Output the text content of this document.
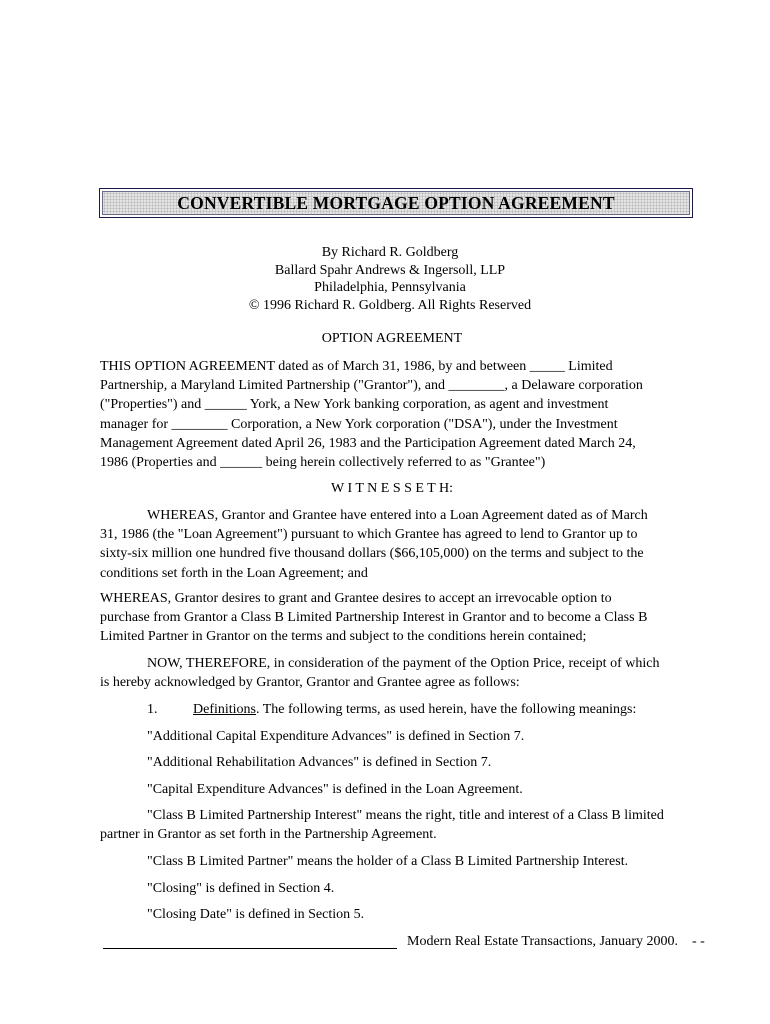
CONVERTIBLE MORTGAGE OPTION AGREEMENT
By Richard R. Goldberg
Ballard Spahr Andrews & Ingersoll, LLP
Philadelphia, Pennsylvania
© 1996 Richard R. Goldberg. All Rights Reserved
OPTION AGREEMENT
THIS OPTION AGREEMENT dated as of March 31, 1986, by and between _____ Limited
Partnership, a Maryland Limited Partnership ("Grantor"), and ________, a Delaware corporation
("Properties") and ______ York, a New York banking corporation, as agent and investment
manager for ________ Corporation, a New York corporation ("DSA"), under the Investment
Management Agreement dated April 26, 1983 and the Participation Agreement dated March 24,
1986 (Properties and ______ being herein collectively referred to as "Grantee")
W I T N E S S E T H:
WHEREAS, Grantor and Grantee have entered into a Loan Agreement dated as of March
31, 1986 (the "Loan Agreement") pursuant to which Grantee has agreed to lend to Grantor up to
sixty-six million one hundred five thousand dollars ($66,105,000) on the terms and subject to the
conditions set forth in the Loan Agreement; and
WHEREAS, Grantor desires to grant and Grantee desires to accept an irrevocable option to
purchase from Grantor a Class B Limited Partnership Interest in Grantor and to become a Class B
Limited Partner in Grantor on the terms and subject to the conditions herein contained;
NOW, THEREFORE, in consideration of the payment of the Option Price, receipt of which
is hereby acknowledged by Grantor, Grantor and Grantee agree as follows:
1.	Definitions. The following terms, as used herein, have the following meanings:
"Additional Capital Expenditure Advances" is defined in Section 7.
"Additional Rehabilitation Advances" is defined in Section 7.
"Capital Expenditure Advances" is defined in the Loan Agreement.
"Class B Limited Partnership Interest" means the right, title and interest of a Class B limited
partner in Grantor as set forth in the Partnership Agreement.
"Class B Limited Partner" means the holder of a Class B Limited Partnership Interest.
"Closing" is defined in Section 4.
"Closing Date" is defined in Section 5.
Modern Real Estate Transactions, January 2000.    - -
